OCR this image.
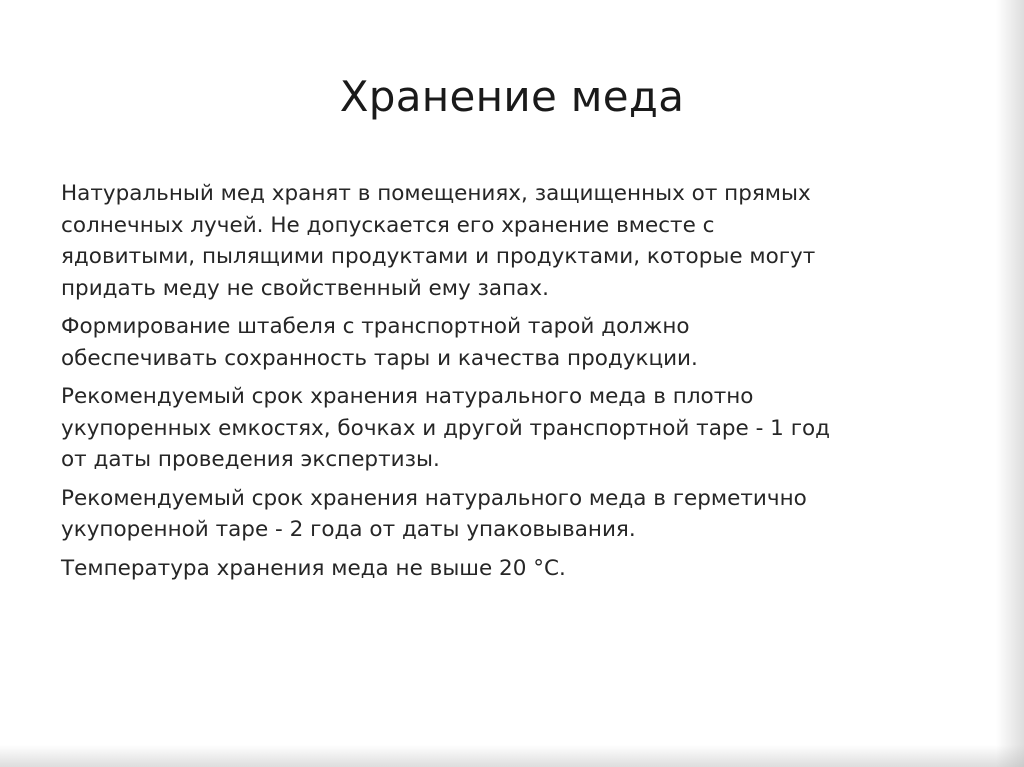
Хранение меда

Натуральный мед хранят в помещениях, защищенных от прямых
солнечных лучей. Не допускается его хранение вместе с
ядовитыми, пылящими продуктами и продуктами, которые могут
придать меду не свойственный ему запах.

Формирование штабеля с транспортной тарой должно
обеспечивать сохранность тары и качества продукции.

Рекомендуемый срок хранения натурального меда в плотно
укупоренных емкостях, бочках и другой транспортной таре - 1 год
от даты проведения экспертизы.

Рекомендуемый срок хранения натурального меда в герметично
укупоренной таре - 2 года от даты упаковывания.

Температура хранения меда не выше 20 °С.
